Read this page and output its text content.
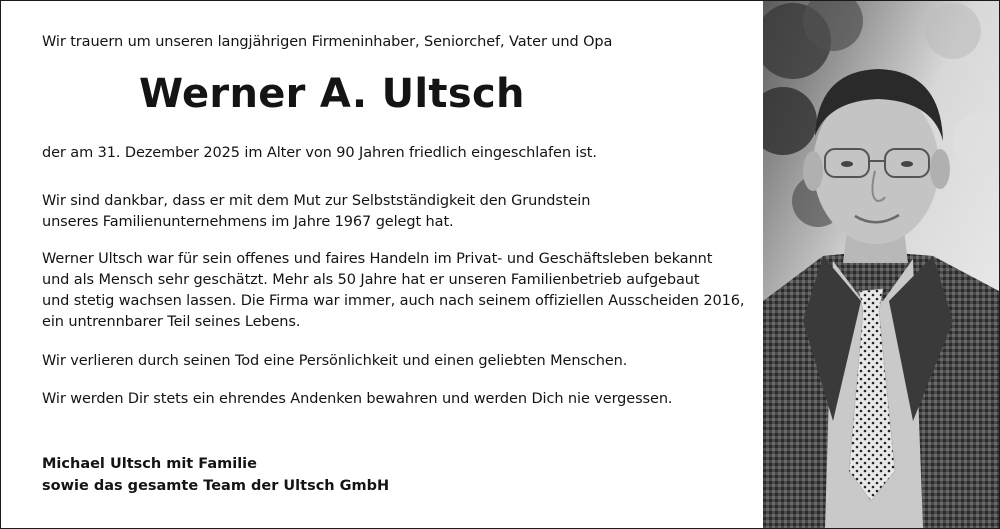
Wir trauern um unseren langjährigen Firmeninhaber, Seniorchef, Vater und Opa
Werner A. Ultsch
der am 31. Dezember 2025 im Alter von 90 Jahren friedlich eingeschlafen ist.
Wir sind dankbar, dass er mit dem Mut zur Selbstständigkeit den Grundstein
unseres Familienunternehmens im Jahre 1967 gelegt hat.
Werner Ultsch war für sein offenes und faires Handeln im Privat- und Geschäftsleben bekannt
und als Mensch sehr geschätzt. Mehr als 50 Jahre hat er unseren Familienbetrieb aufgebaut
und stetig wachsen lassen. Die Firma war immer, auch nach seinem offiziellen Ausscheiden 2016,
ein untrennbarer Teil seines Lebens.
Wir verlieren durch seinen Tod eine Persönlichkeit und einen geliebten Menschen.
Wir werden Dir stets ein ehrendes Andenken bewahren und werden Dich nie vergessen.
Michael Ultsch mit Familie
sowie das gesamte Team der Ultsch GmbH
